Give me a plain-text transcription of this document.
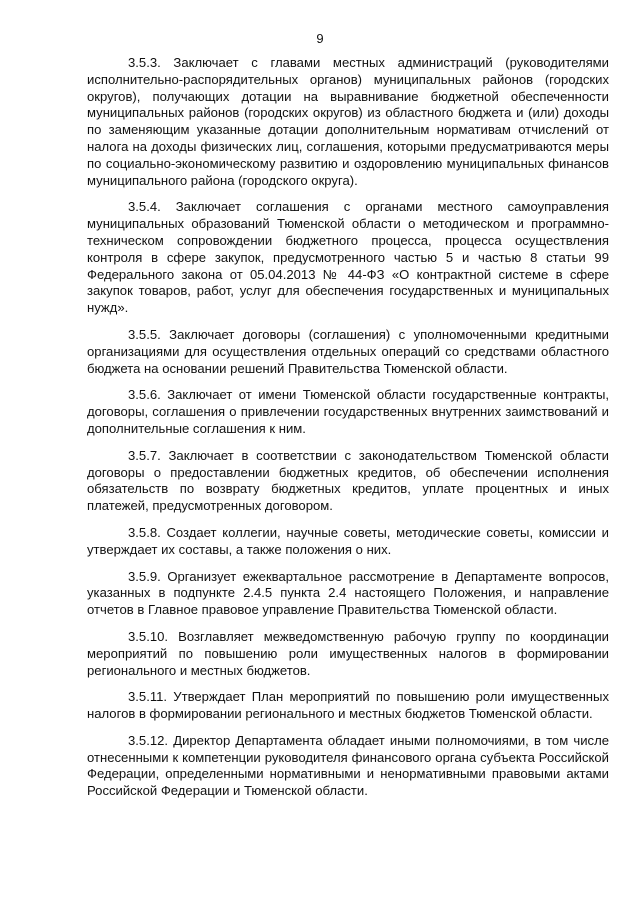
9

3.5.3. Заключает с главами местных администраций (руководителями исполнительно-распорядительных органов) муниципальных районов (городских округов), получающих дотации на выравнивание бюджетной обеспеченности муниципальных районов (городских округов) из областного бюджета и (или) доходы по заменяющим указанные дотации дополнительным нормативам отчислений от налога на доходы физических лиц, соглашения, которыми предусматриваются меры по социально-экономическому развитию и оздоровлению муниципальных финансов муниципального района (городского округа).

3.5.4. Заключает соглашения с органами местного самоуправления муниципальных образований Тюменской области о методическом и программно-техническом сопровождении бюджетного процесса, процесса осуществления контроля в сфере закупок, предусмотренного частью 5 и частью 8 статьи 99 Федерального закона от 05.04.2013 № 44-ФЗ «О контрактной системе в сфере закупок товаров, работ, услуг для обеспечения государственных и муниципальных нужд».

3.5.5. Заключает договоры (соглашения) с уполномоченными кредитными организациями для осуществления отдельных операций со средствами областного бюджета на основании решений Правительства Тюменской области.

3.5.6. Заключает от имени Тюменской области государственные контракты, договоры, соглашения о привлечении государственных внутренних заимствований и дополнительные соглашения к ним.

3.5.7. Заключает в соответствии с законодательством Тюменской области договоры о предоставлении бюджетных кредитов, об обеспечении исполнения обязательств по возврату бюджетных кредитов, уплате процентных и иных платежей, предусмотренных договором.

3.5.8. Создает коллегии, научные советы, методические советы, комиссии и утверждает их составы, а также положения о них.

3.5.9. Организует ежеквартальное рассмотрение в Департаменте вопросов, указанных в подпункте 2.4.5 пункта 2.4 настоящего Положения, и направление отчетов в Главное правовое управление Правительства Тюменской области.

3.5.10. Возглавляет межведомственную рабочую группу по координации мероприятий по повышению роли имущественных налогов в формировании регионального и местных бюджетов.

3.5.11. Утверждает План мероприятий по повышению роли имущественных налогов в формировании регионального и местных бюджетов Тюменской области.

3.5.12. Директор Департамента обладает иными полномочиями, в том числе отнесенными к компетенции руководителя финансового органа субъекта Российской Федерации, определенными нормативными и ненормативными правовыми актами Российской Федерации и Тюменской области.
